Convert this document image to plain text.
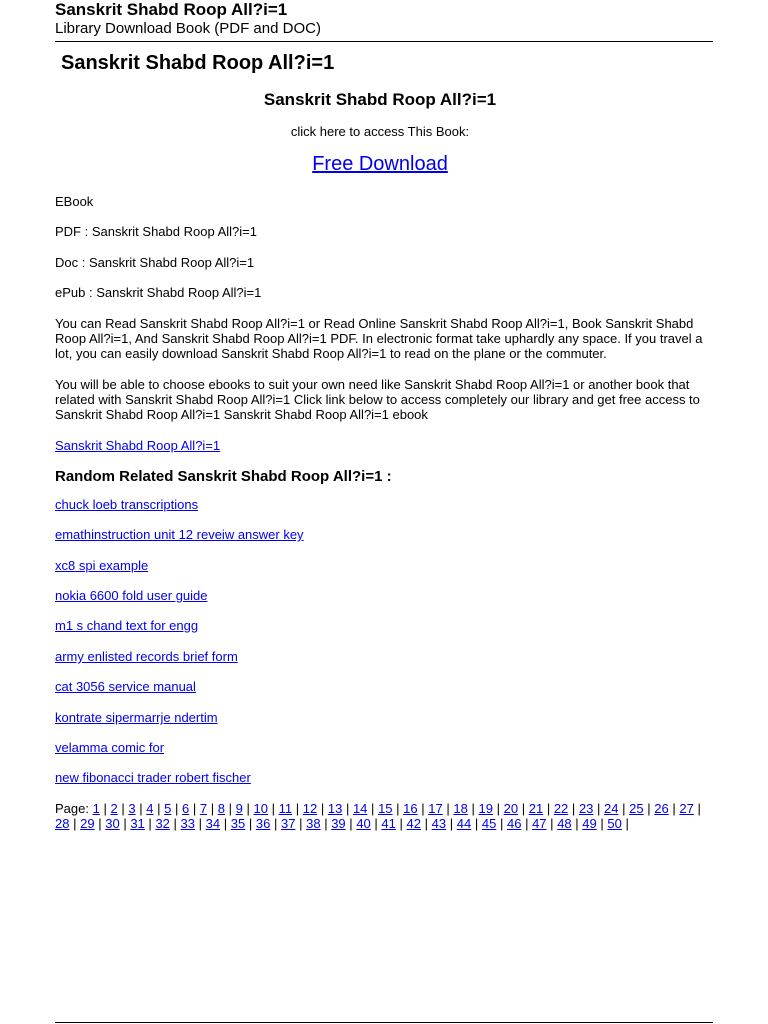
Sanskrit Shabd Roop All?i=1
Library Download Book (PDF and DOC)
Sanskrit Shabd Roop All?i=1
Sanskrit Shabd Roop All?i=1
click here to access This Book:
Free Download
EBook
PDF : Sanskrit Shabd Roop All?i=1
Doc : Sanskrit Shabd Roop All?i=1
ePub : Sanskrit Shabd Roop All?i=1
You can Read Sanskrit Shabd Roop All?i=1 or Read Online Sanskrit Shabd Roop All?i=1, Book Sanskrit Shabd Roop All?i=1, And Sanskrit Shabd Roop All?i=1 PDF. In electronic format take uphardly any space. If you travel a lot, you can easily download Sanskrit Shabd Roop All?i=1 to read on the plane or the commuter.
You will be able to choose ebooks to suit your own need like Sanskrit Shabd Roop All?i=1 or another book that related with Sanskrit Shabd Roop All?i=1 Click link below to access completely our library and get free access to Sanskrit Shabd Roop All?i=1 Sanskrit Shabd Roop All?i=1 ebook
Sanskrit Shabd Roop All?i=1
Random Related Sanskrit Shabd Roop All?i=1 :
chuck loeb transcriptions
emathinstruction unit 12 reveiw answer key
xc8 spi example
nokia 6600 fold user guide
m1 s chand text for engg
army enlisted records brief form
cat 3056 service manual
kontrate sipermarrje ndertim
velamma comic for
new fibonacci trader robert fischer
Page: 1 | 2 | 3 | 4 | 5 | 6 | 7 | 8 | 9 | 10 | 11 | 12 | 13 | 14 | 15 | 16 | 17 | 18 | 19 | 20 | 21 | 22 | 23 | 24 | 25 | 26 | 27 | 28 | 29 | 30 | 31 | 32 | 33 | 34 | 35 | 36 | 37 | 38 | 39 | 40 | 41 | 42 | 43 | 44 | 45 | 46 | 47 | 48 | 49 | 50 |
